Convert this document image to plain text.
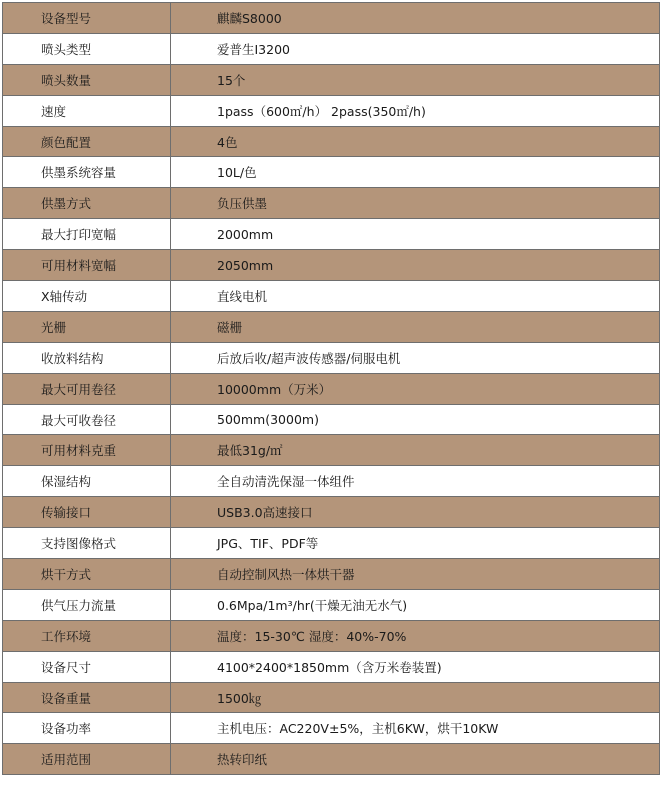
设备型号	麒麟S8000
喷头类型	爱普生I3200
喷头数量	15个
速度	1pass（600㎡/h） 2pass(350㎡/h)
颜色配置	4色
供墨系统容量	10L/色
供墨方式	负压供墨
最大打印宽幅	2000mm
可用材料宽幅	2050mm
X轴传动	直线电机
光栅	磁栅
收放料结构	后放后收/超声波传感器/伺服电机
最大可用卷径	10000mm（万米）
最大可收卷径	500mm(3000m)
可用材料克重	最低31g/㎡
保湿结构	全自动清洗保湿一体组件
传输接口	USB3.0高速接口
支持图像格式	JPG、TIF、PDF等
烘干方式	自动控制风热一体烘干器
供气压力流量	0.6Mpa/1m³/hr(干燥无油无水气)
工作环境	温度：15-30℃ 湿度：40%-70%
设备尺寸	4100*2400*1850mm（含万米卷装置)
设备重量	1500㎏
设备功率	主机电压：AC220V±5%，主机6KW，烘干10KW
适用范围	热转印纸
